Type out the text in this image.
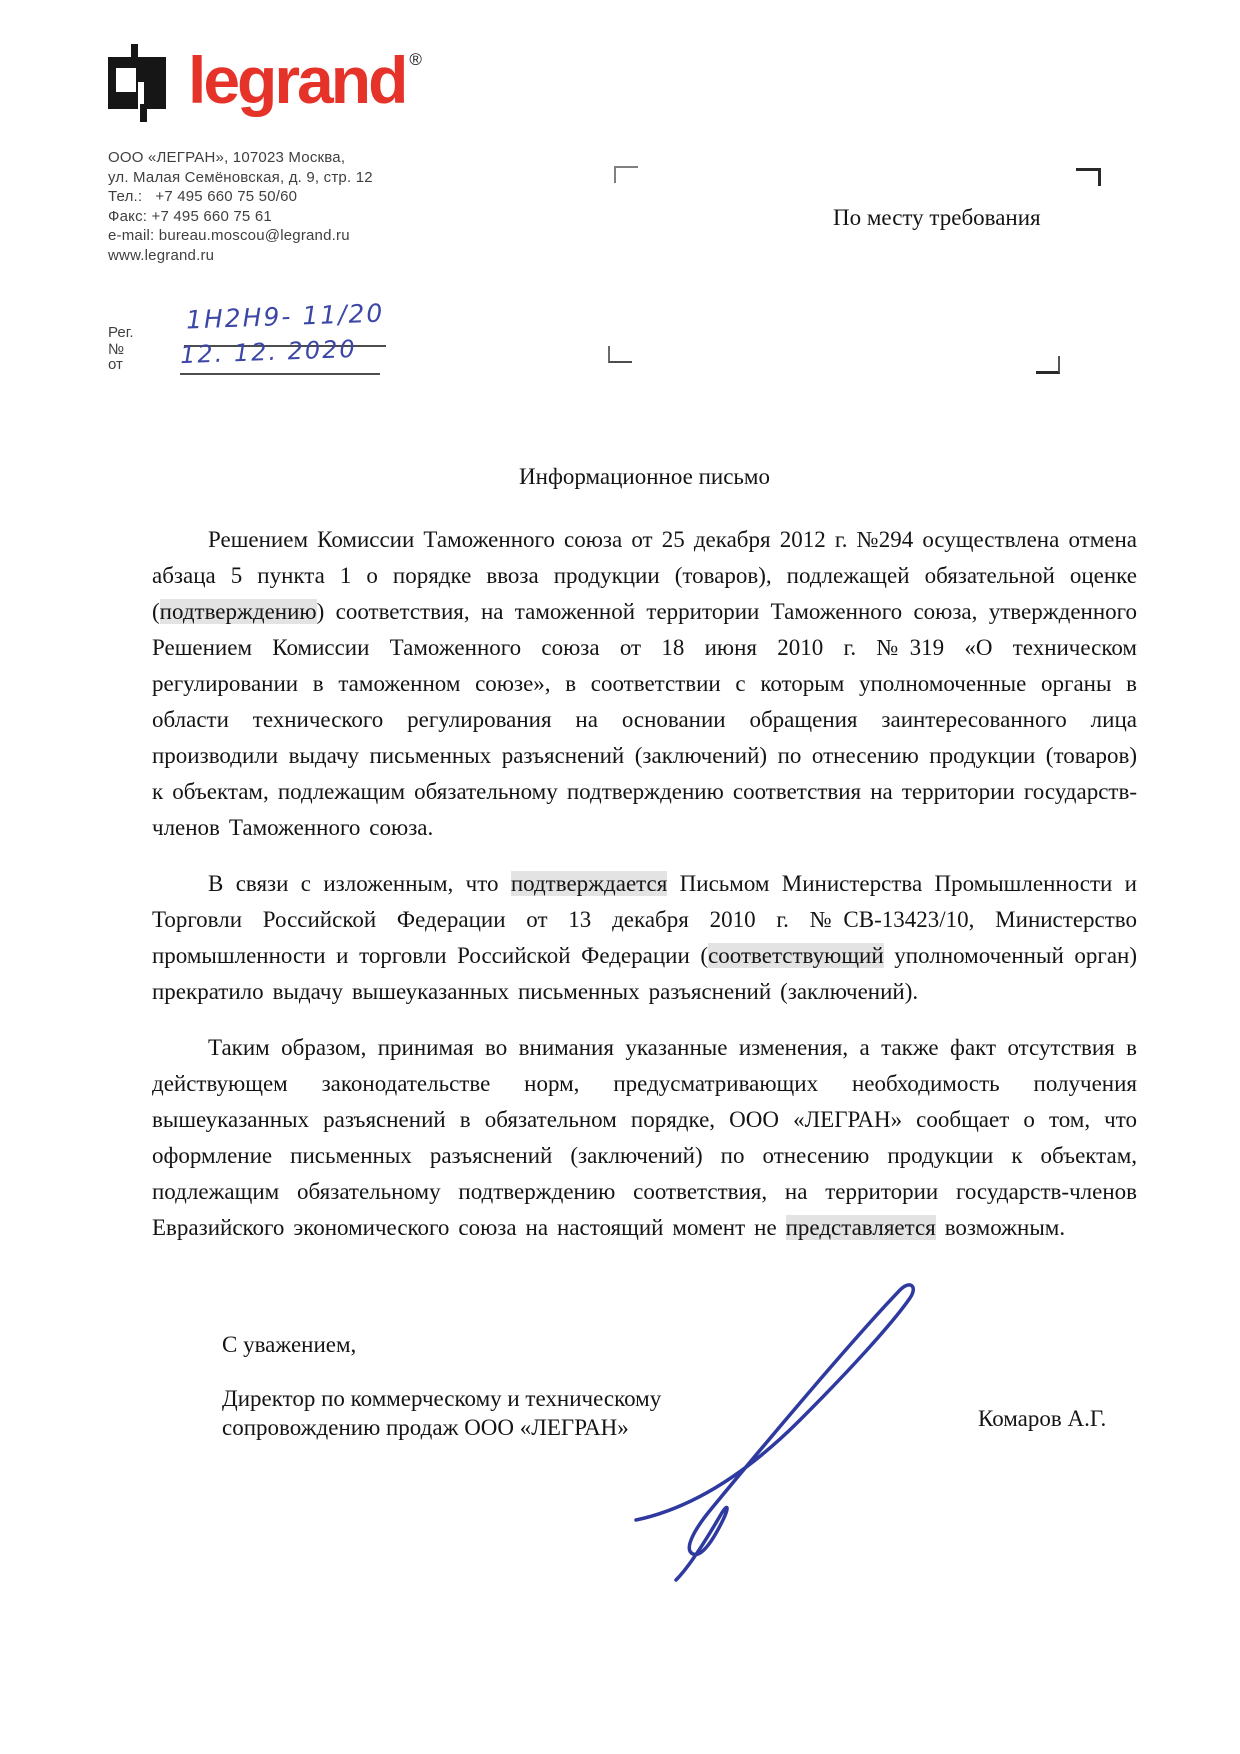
legrand ®
ООО «ЛЕГРАН», 107023 Москва,
ул. Малая Семёновская, д. 9, стр. 12
Тел.:   +7 495 660 75 50/60
Факс: +7 495 660 75 61
e-mail: bureau.moscou@legrand.ru
www.legrand.ru
Рег. №
1Н2Н9- 11/20
от 12. 12. 2020
По месту требования
Информационное письмо

Решением Комиссии Таможенного союза от 25 декабря 2012 г. №294 осуществлена отмена абзаца 5 пункта 1 о порядке ввоза продукции (товаров), подлежащей обязательной оценке (подтверждению) соответствия, на таможенной территории Таможенного союза, утвержденного Решением Комиссии Таможенного союза от 18 июня 2010 г. №319 «О техническом регулировании в таможенном союзе», в соответствии с которым уполномоченные органы в области технического регулирования на основании обращения заинтересованного лица производили выдачу письменных разъяснений (заключений) по отнесению продукции (товаров) к объектам, подлежащим обязательному подтверждению соответствия на территории государств-членов Таможенного союза.

В связи с изложенным, что подтверждается Письмом Министерства Промышленности и Торговли Российской Федерации от 13 декабря 2010 г. №СВ-13423/10, Министерство промышленности и торговли Российской Федерации (соответствующий уполномоченный орган) прекратило выдачу вышеуказанных письменных разъяснений (заключений).

Таким образом, принимая во внимания указанные изменения, а также факт отсутствия в действующем законодательстве норм, предусматривающих необходимость получения вышеуказанных разъяснений в обязательном порядке, ООО «ЛЕГРАН» сообщает о том, что оформление письменных разъяснений (заключений) по отнесению продукции к объектам, подлежащим обязательному подтверждению соответствия, на территории государств-членов Евразийского экономического союза на настоящий момент не представляется возможным.

С уважением,
Директор по коммерческому и техническому
сопровождению продаж ООО «ЛЕГРАН»	Комаров А.Г.
